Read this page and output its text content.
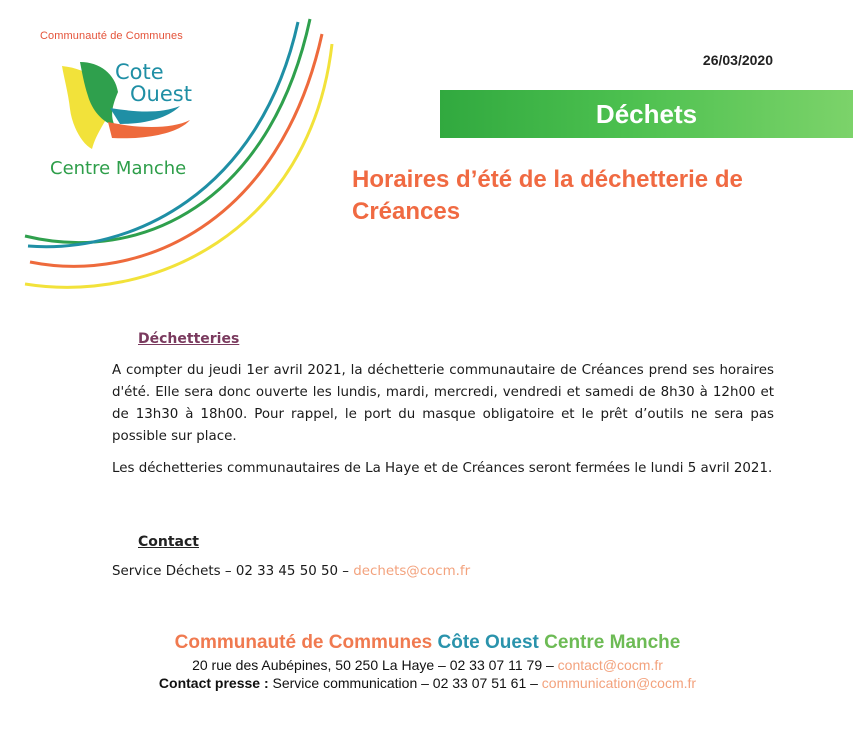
Communauté de Communes
Cote
Ouest
Centre Manche
26/03/2020
Déchets
Horaires d’été de la déchetterie de Créances
Déchetteries
A compter du jeudi 1er avril 2021, la déchetterie communautaire de Créances prend ses horaires d'été. Elle sera donc ouverte les lundis, mardi, mercredi, vendredi et samedi de 8h30 à 12h00 et de 13h30 à 18h00. Pour rappel, le port du masque obligatoire et le prêt d’outils ne sera pas possible sur place.
Les déchetteries communautaires de La Haye et de Créances seront fermées le lundi 5 avril 2021.
Contact
Service Déchets – 02 33 45 50 50 – dechets@cocm.fr
Communauté de Communes Côte Ouest Centre Manche
20 rue des Aubépines, 50 250 La Haye – 02 33 07 11 79 – contact@cocm.fr
Contact presse : Service communication – 02 33 07 51 61 – communication@cocm.fr
